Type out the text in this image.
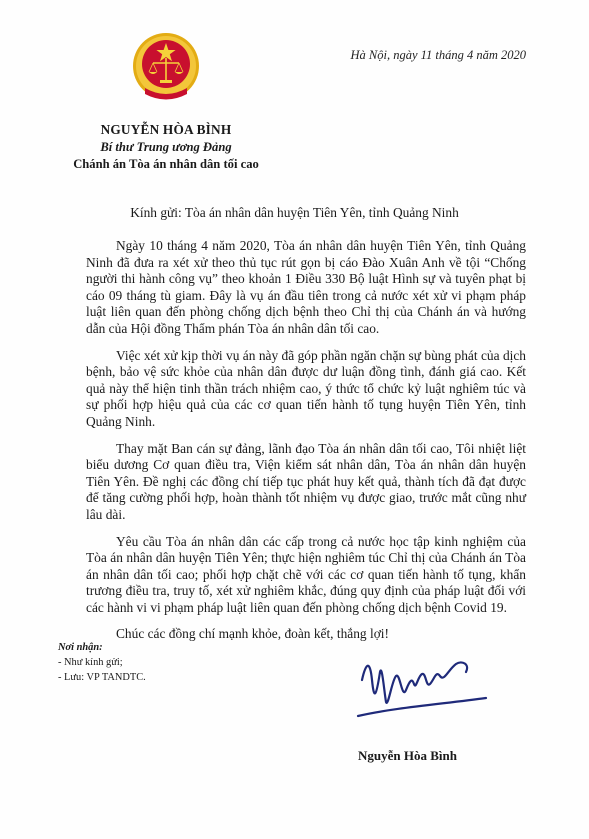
Hà Nội, ngày 11 tháng 4 năm 2020
NGUYỄN HÒA BÌNH
Bí thư Trung ương Đảng
Chánh án Tòa án nhân dân tối cao
Kính gửi: Tòa án nhân dân huyện Tiên Yên, tỉnh Quảng Ninh

Ngày 10 tháng 4 năm 2020, Tòa án nhân dân huyện Tiên Yên, tỉnh Quảng Ninh đã đưa ra xét xử theo thủ tục rút gọn bị cáo Đào Xuân Anh về tội “Chống người thi hành công vụ” theo khoản 1 Điều 330 Bộ luật Hình sự và tuyên phạt bị cáo 09 tháng tù giam. Đây là vụ án đầu tiên trong cả nước xét xử vi phạm pháp luật liên quan đến phòng chống dịch bệnh theo Chỉ thị của Chánh án và hướng dẫn của Hội đồng Thẩm phán Tòa án nhân dân tối cao.

Việc xét xử kịp thời vụ án này đã góp phần ngăn chặn sự bùng phát của dịch bệnh, bảo vệ sức khỏe của nhân dân được dư luận đồng tình, đánh giá cao. Kết quả này thể hiện tinh thần trách nhiệm cao, ý thức tổ chức kỷ luật nghiêm túc và sự phối hợp hiệu quả của các cơ quan tiến hành tố tụng huyện Tiên Yên, tỉnh Quảng Ninh.

Thay mặt Ban cán sự đảng, lãnh đạo Tòa án nhân dân tối cao, Tôi nhiệt liệt biểu dương Cơ quan điều tra, Viện kiểm sát nhân dân, Tòa án nhân dân huyện Tiên Yên. Đề nghị các đồng chí tiếp tục phát huy kết quả, thành tích đã đạt được để tăng cường phối hợp, hoàn thành tốt nhiệm vụ được giao, trước mắt cũng như lâu dài.

Yêu cầu Tòa án nhân dân các cấp trong cả nước học tập kinh nghiệm của Tòa án nhân dân huyện Tiên Yên; thực hiện nghiêm túc Chỉ thị của Chánh án Tòa án nhân dân tối cao; phối hợp chặt chẽ với các cơ quan tiến hành tố tụng, khẩn trương điều tra, truy tố, xét xử nghiêm khắc, đúng quy định của pháp luật đối với các hành vi vi phạm pháp luật liên quan đến phòng chống dịch bệnh Covid 19.

Chúc các đồng chí mạnh khỏe, đoàn kết, thắng lợi!

Nơi nhận:
- Như kính gửi;
- Lưu: VP TANDTC.
Nguyễn Hòa Bình
